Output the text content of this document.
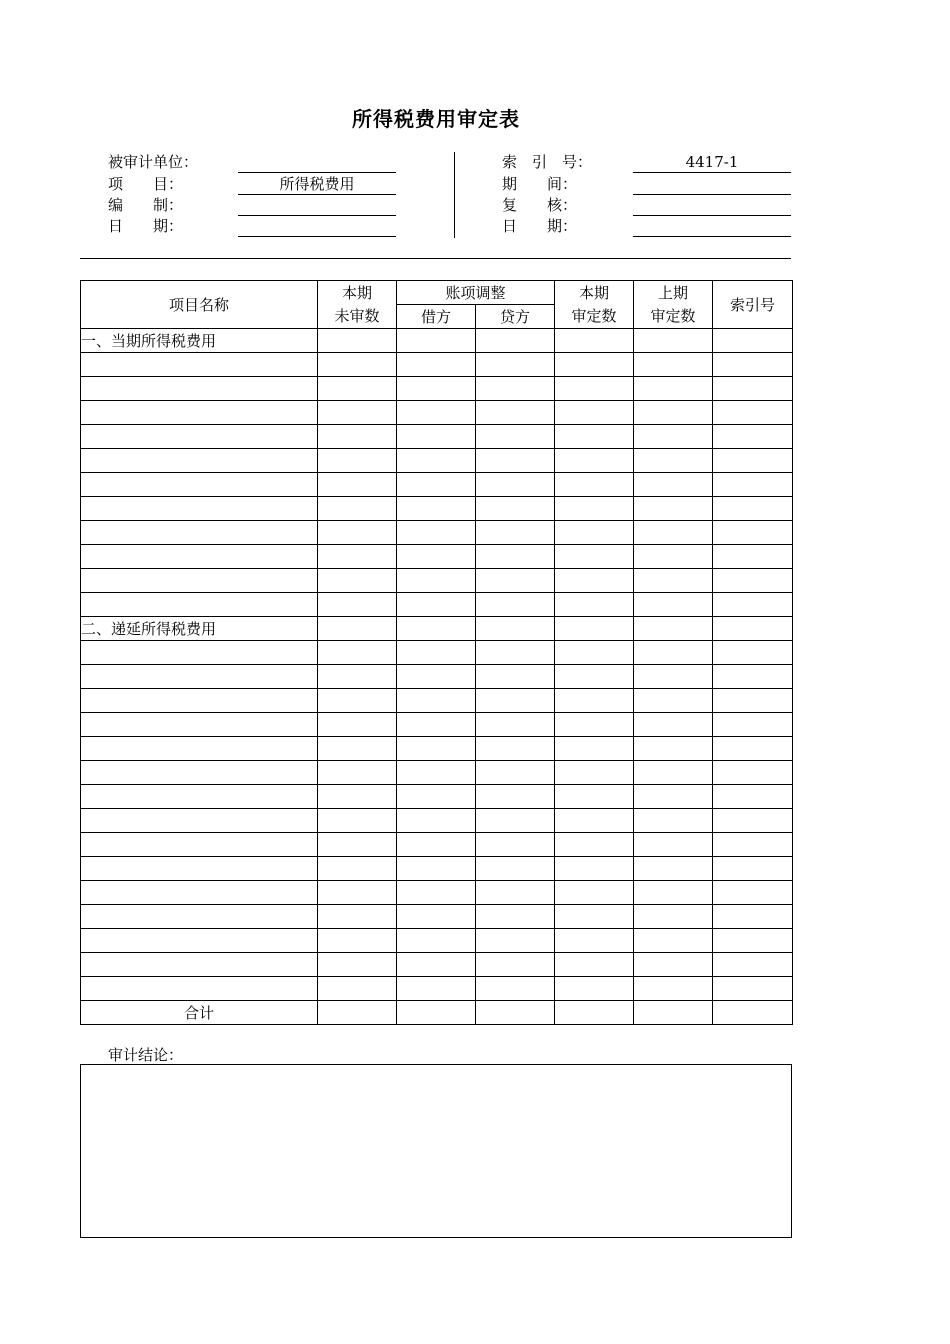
所得税费用审定表
被审计单位：
项　　目：	所得税费用
编　　制：
日　　期：
索　引　号：	4417-1
期　　间：
复　　核：
日　　期：
项目名称	本期	账项调整		本期	上期	索引号
	未审数	借方	贷方	审定数	审定数	
一、当期所得税费用						

二、递延所得税费用						

合计						
审计结论：
